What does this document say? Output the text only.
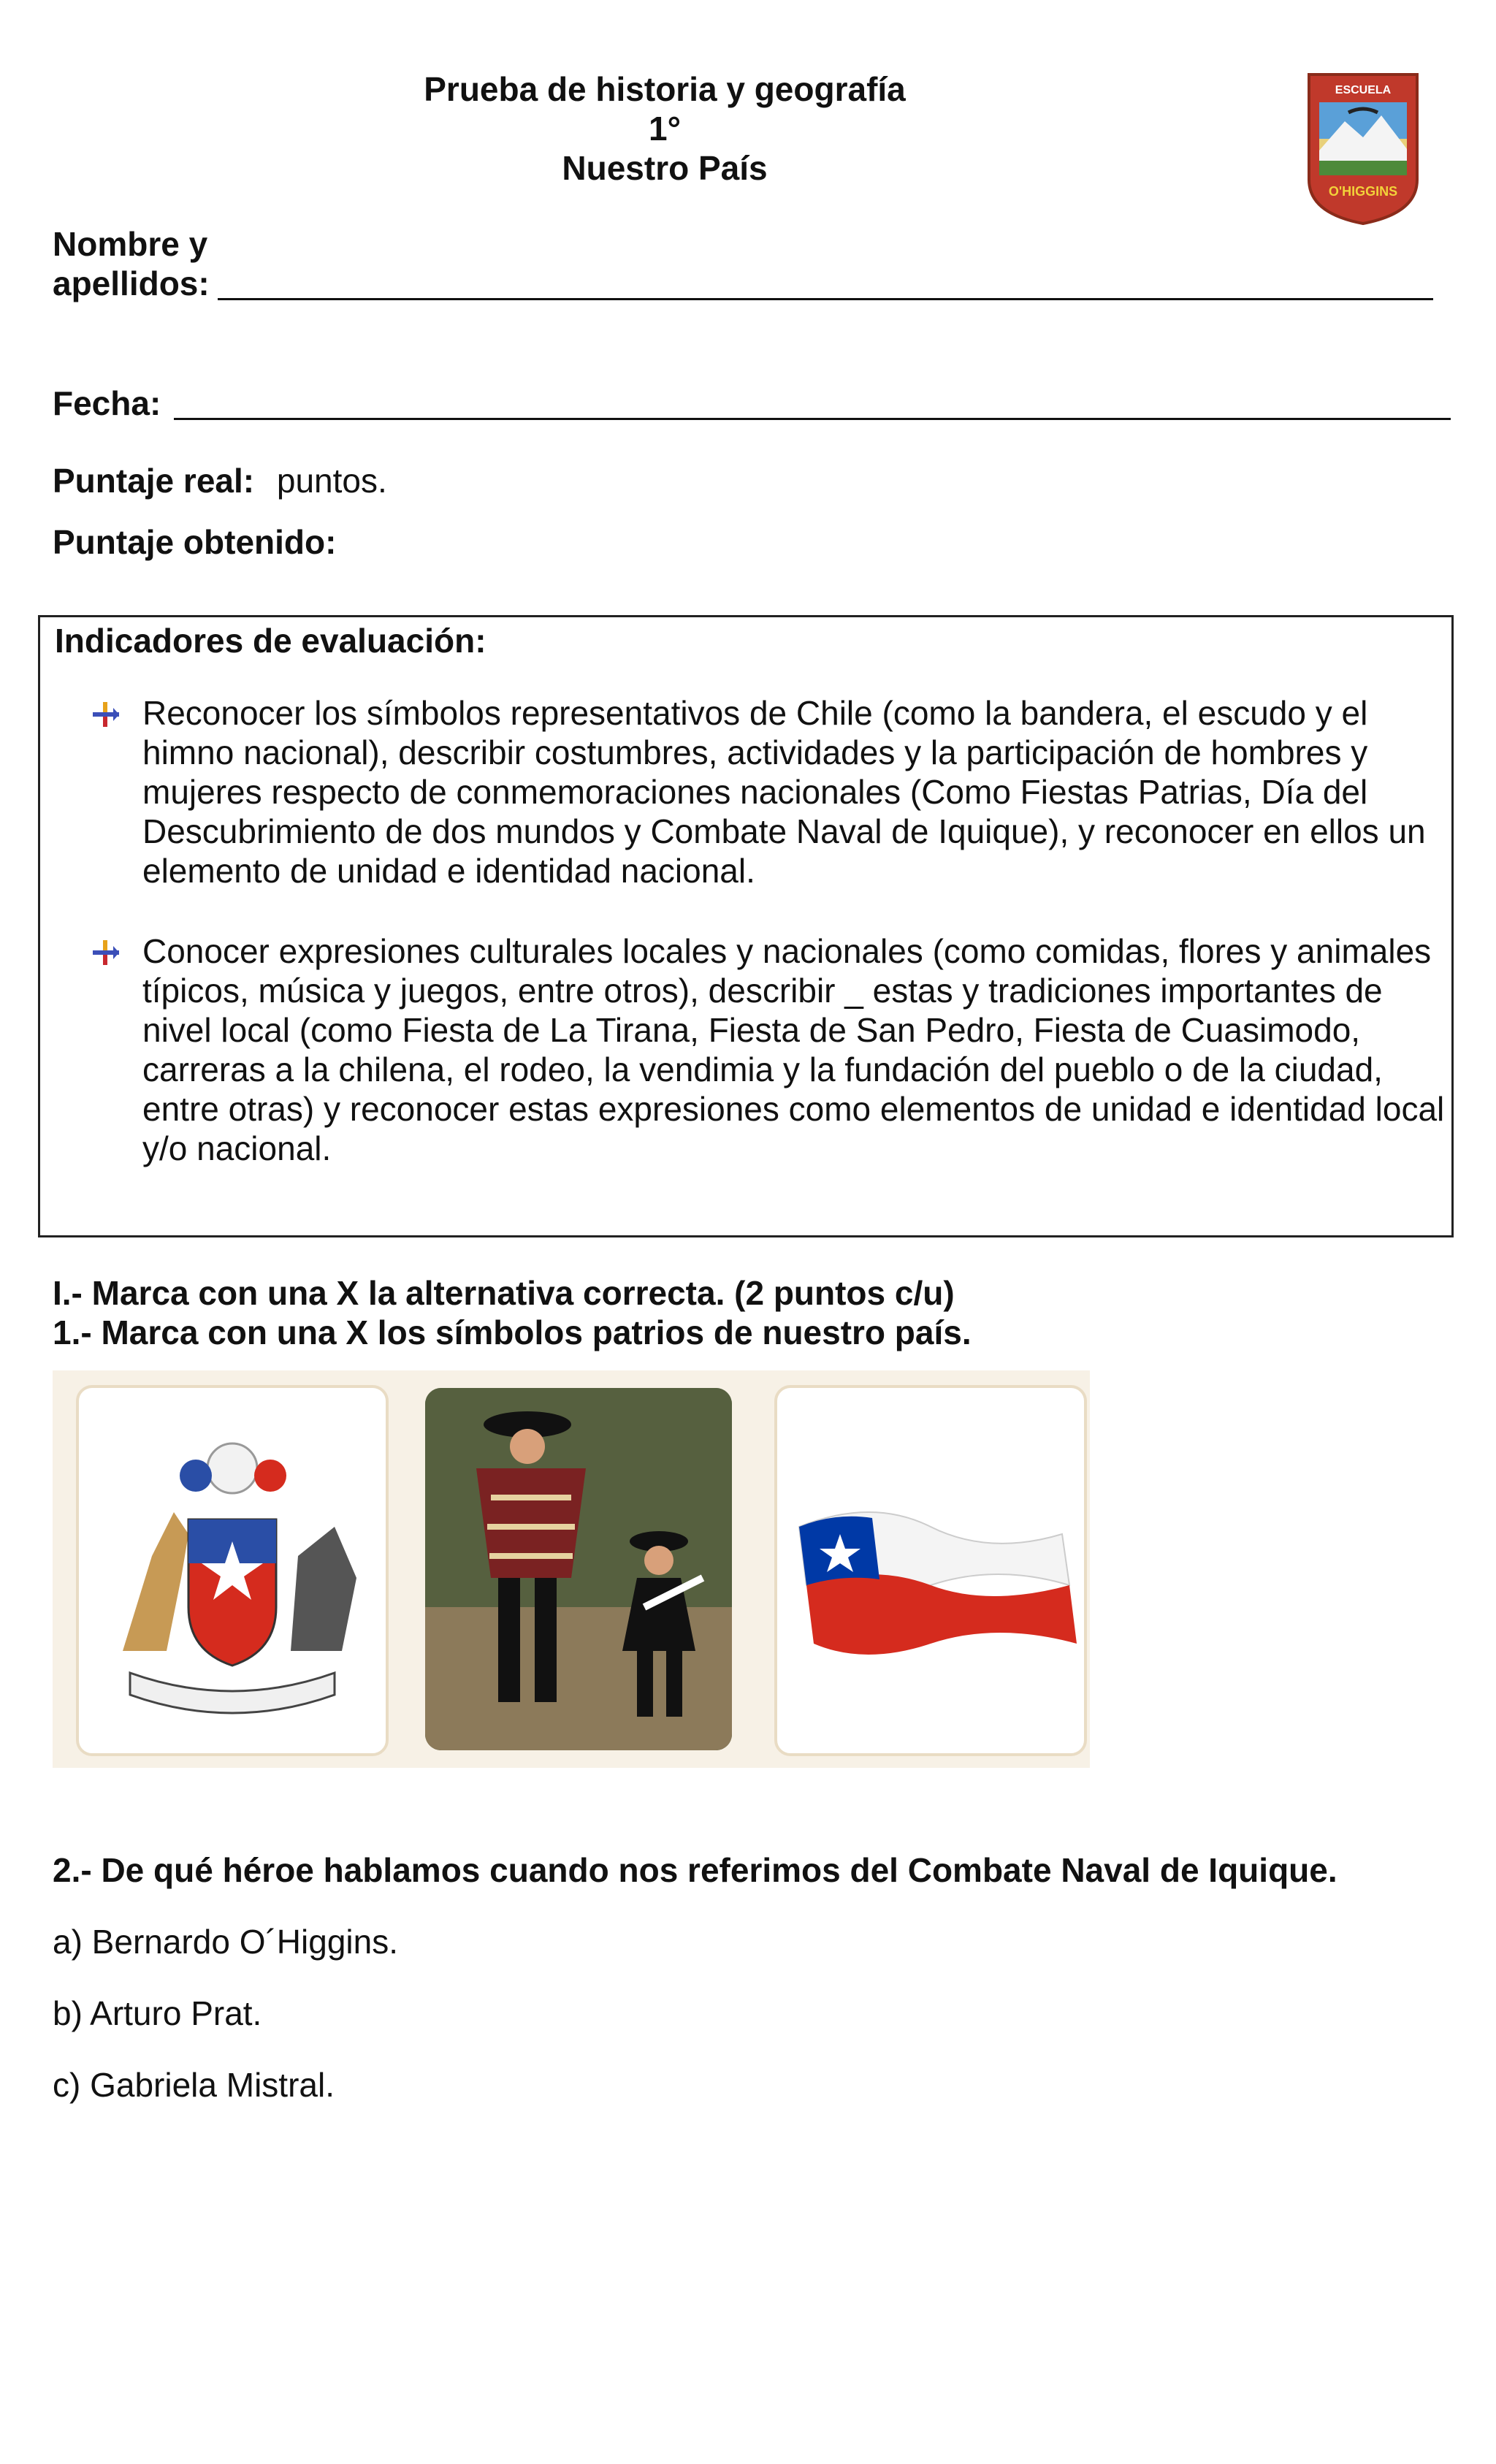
Prueba de historia y geografía
1°
Nuestro País
ESCUELA
O'HIGGINS
Nombre y
apellidos:
Fecha:
Puntaje real: puntos.
Puntaje obtenido:
Indicadores de evaluación:
Reconocer los símbolos representativos de Chile (como la bandera, el escudo y el himno nacional), describir costumbres, actividades y la participación de hombres y mujeres respecto de conmemoraciones nacionales (Como Fiestas Patrias, Día del Descubrimiento de dos mundos y Combate Naval de Iquique), y reconocer en ellos un elemento de unidad e identidad nacional.
Conocer expresiones culturales locales y nacionales (como comidas, flores y animales típicos, música y juegos, entre otros), describir _ estas y tradiciones importantes de nivel local (como Fiesta de La Tirana, Fiesta de San Pedro, Fiesta de Cuasimodo, carreras a la chilena, el rodeo, la vendimia y la fundación del pueblo o de la ciudad, entre otras) y reconocer estas expresiones como elementos de unidad e identidad local y/o nacional.
I.- Marca con una X la alternativa correcta. (2 puntos c/u)
1.- Marca con una X los símbolos patrios de nuestro país.
2.- De qué héroe hablamos cuando nos referimos del Combate Naval de Iquique.
a) Bernardo O´Higgins.
b) Arturo Prat.
c) Gabriela Mistral.
